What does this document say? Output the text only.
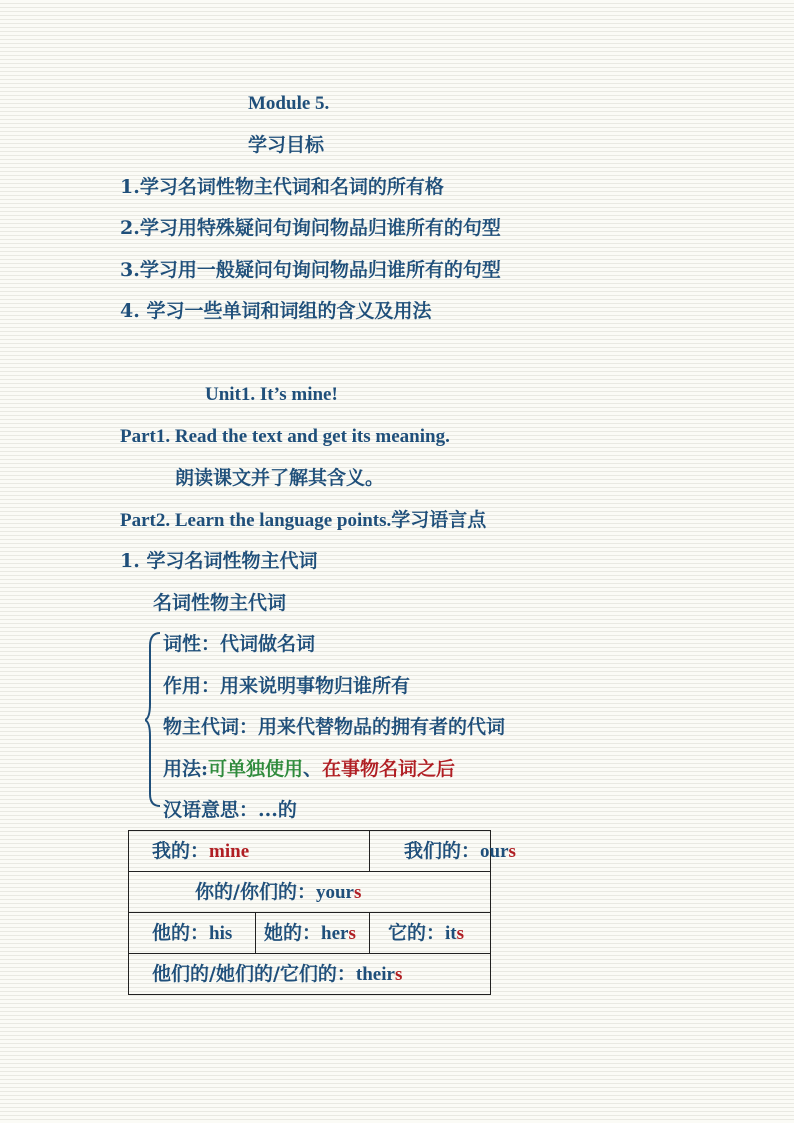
Module 5.
学习目标
1.学习名词性物主代词和名词的所有格
2.学习用特殊疑问句询问物品归谁所有的句型
3.学习用一般疑问句询问物品归谁所有的句型
4. 学习一些单词和词组的含义及用法
Unit1. It’s mine!
Part1. Read the text and get its meaning.
朗读课文并了解其含义。
Part2. Learn the language points.学习语言点
1. 学习名词性物主代词
名词性物主代词
词性：代词做名词
作用：用来说明事物归谁所有
物主代词：用来代替物品的拥有者的代词
用法:可单独使用、在事物名词之后
汉语意思：...的
我的：mine		我们的：ours
你的/你们的：yours		
他的：his	她的：hers	它的：its
他们的/她们的/它们的：theirs		
